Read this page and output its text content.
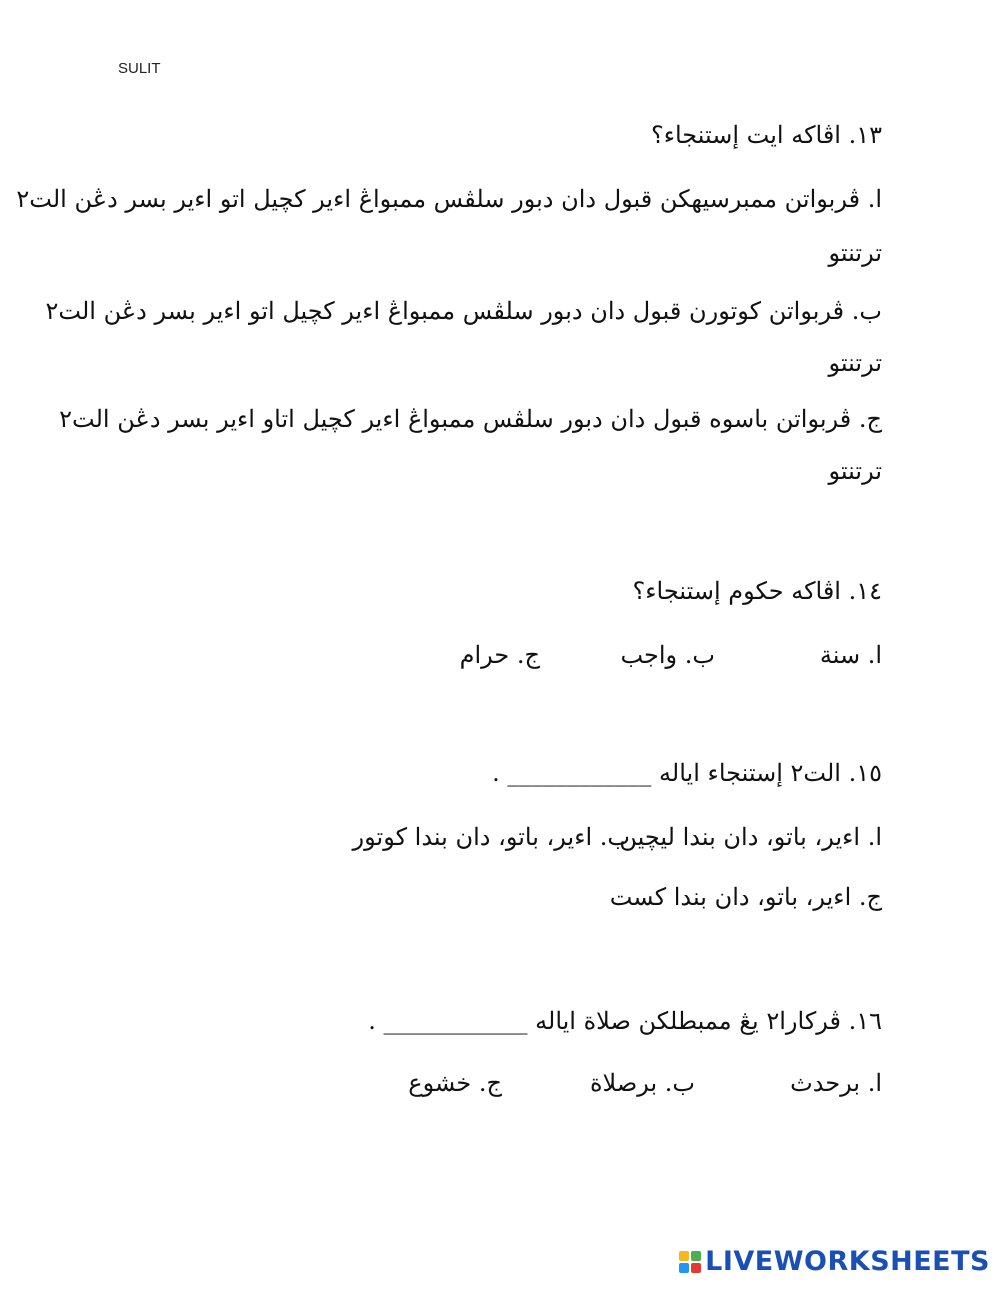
SULIT
١٣. اڤاكه ايت إستنجاء؟
ا. ڤربواتن ممبرسيهكن قبول دان دبور سلڤس ممبواڠ اءير كچيل اتو اءير بسر دڠن الت٢
ترتنتو
ب. ڤربواتن كوتورن قبول دان دبور سلڤس ممبواڠ اءير كچيل اتو اءير بسر دڠن الت٢
ترتنتو
ج. ڤربواتن باسوه قبول دان دبور سلڤس ممبواڠ اءير كچيل اتاو اءير بسر دڠن الت٢
ترتنتو
١٤. اڤاكه حكوم إستنجاء؟
ا. سنة
ب. واجب
ج. حرام
١٥. الت٢ إستنجاء اياله ____________ .
ا. اءير، باتو، دان بندا ليچين
ب. اءير، باتو، دان بندا كوتور
ج. اءير، باتو، دان بندا كست
١٦. ڤركارا٢ يڠ ممبطلكن صلاة اياله ____________ .
ا. برحدث
ب. برصلاة
ج. خشوع
LIVEWORKSHEETS
